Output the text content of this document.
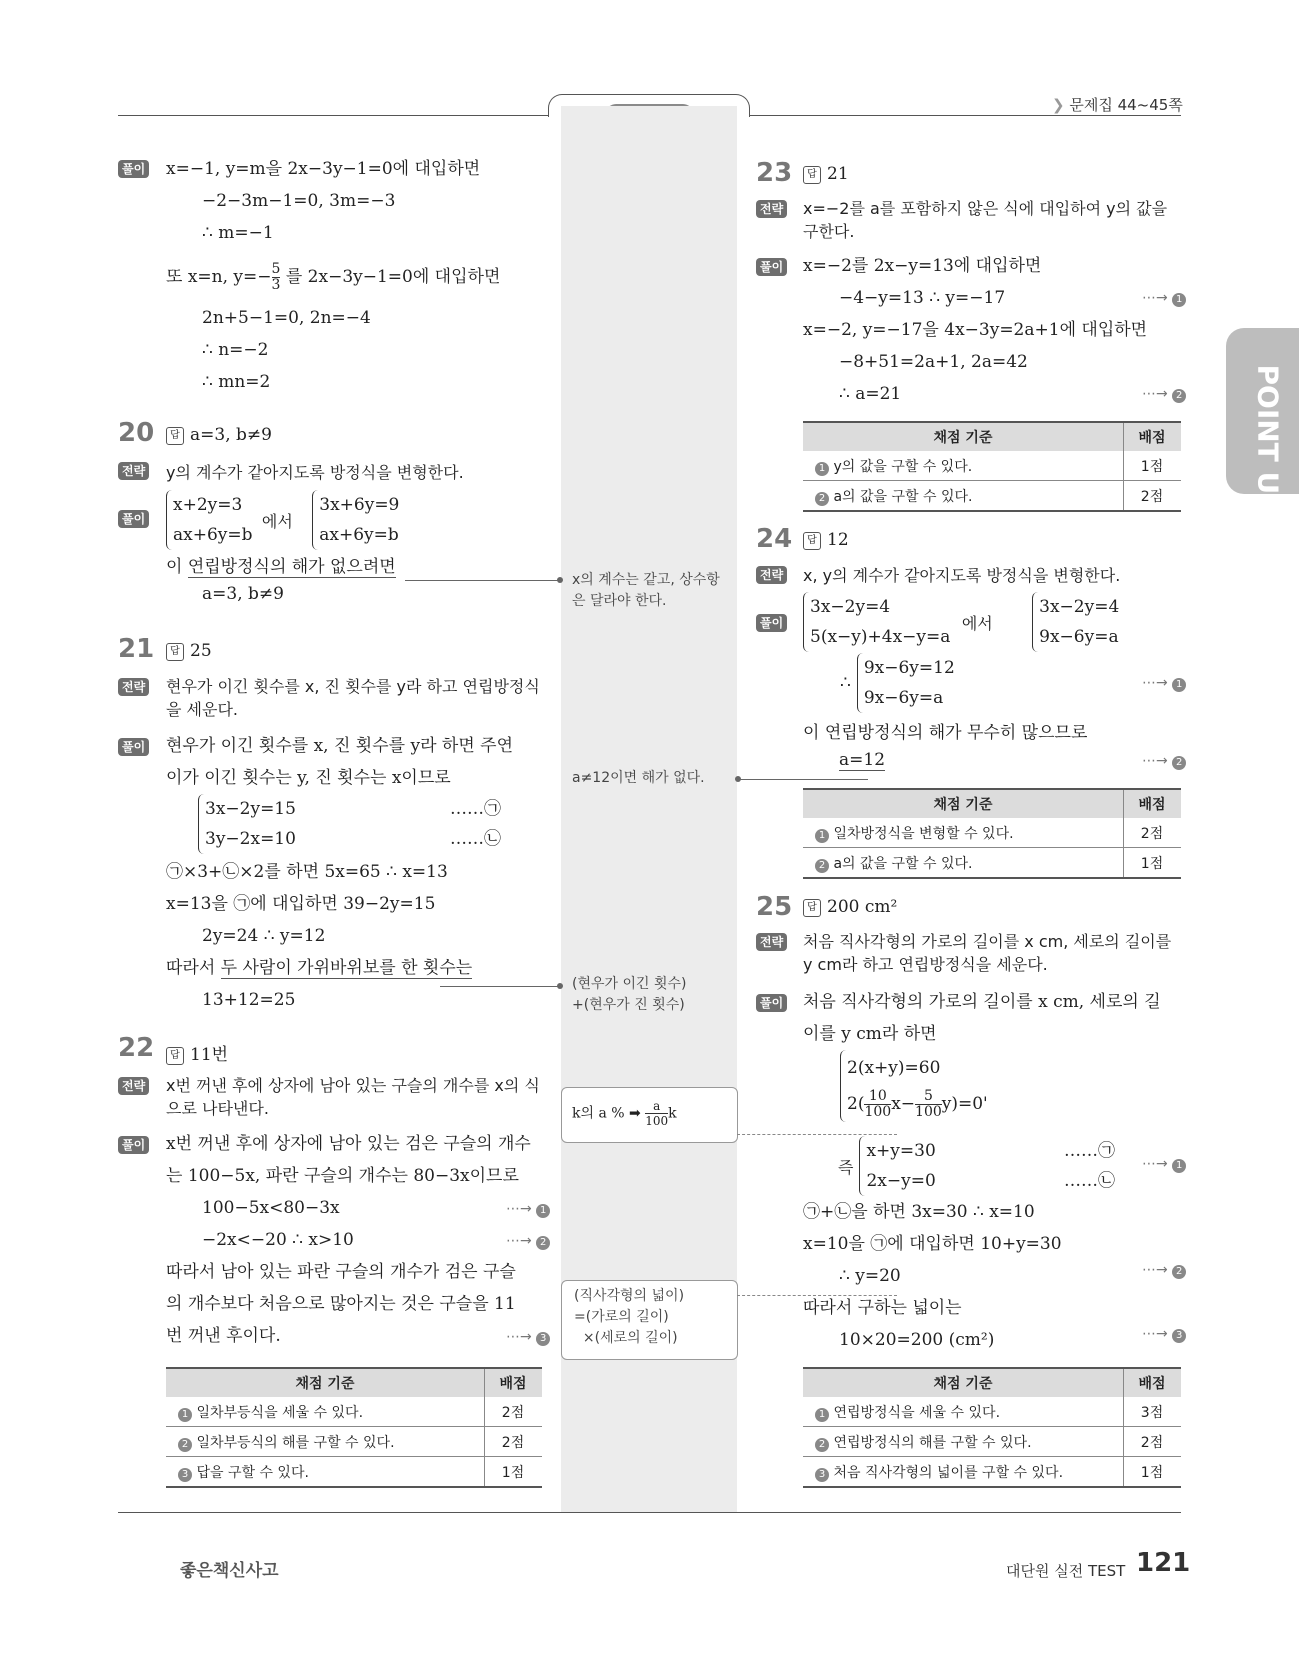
❯ 문제집 44~45쪽
POINT UP
풀이 x=−1, y=m을 2x−3y−1=0에 대입하면
−2−3m−1=0, 3m=−3
∴ m=−1
또 x=n, $y=- \frac{5}{3}$ 를 2x−3y−1=0에 대입하면
2n+5−1=0, 2n=−4
∴ n=−2
∴ mn=2
20	답 a=3, b≠9
전략 y의 계수가 같아지도록 방정식을 변형한다.
풀이
x+2y=3
ax+6y=b
에서
3x+6y=9
ax+6y=b
이 연립방정식의 해가 없으려면
a=3, b≠9
21	답 25
전략 현우가 이긴 횟수를 x, 진 횟수를 y라 하고 연립방정식을 세운다.
풀이 현우가 이긴 횟수를 x, 진 횟수를 y라 하면 주연
이가 이긴 횟수는 y, 진 횟수는 x이므로
3x−2y=15
3y−2x=10
……㉠
……㉡
㉠×3+㉡×2를 하면 5x=65 ∴ x=13
x=13을 ㉠에 대입하면 39−2y=15
2y=24 ∴ y=12
따라서 두 사람이 가위바위보를 한 횟수는
13+12=25
22	답 11번
전략 x번 꺼낸 후에 상자에 남아 있는 구슬의 개수를 x의 식으로 나타낸다.
풀이 x번 꺼낸 후에 상자에 남아 있는 검은 구슬의 개수
는 100−5x, 파란 구슬의 개수는 80−3x이므로
100−5x<80−3x
−2x<−20 ∴ x>10
따라서 남아 있는 파란 구슬의 개수가 검은 구슬
의 개수보다 처음으로 많아지는 것은 구슬을 11
번 꺼낸 후이다.
⋯→ 1
⋯→ 2
⋯→ 3
채점 기준	배점
1 일차부등식을 세울 수 있다.	2점
2 일차부등식의 해를 구할 수 있다.	2점
3 답을 구할 수 있다.	1점
x의 계수는 같고, 상수항은 달라야 한다.
a≠12이면 해가 없다.
(현우가 이긴 횟수)
+(현우가 진 횟수)
k의 a % ➡ $\frac{a}{100}$ k
(직사각형의 넓이)
=(가로의 길이)
×(세로의 길이)
23	답 21
전략 x=−2를 a를 포함하지 않은 식에 대입하여 y의 값을 구한다.
풀이 x=−2를 2x−y=13에 대입하면
−4−y=13 ∴ y=−17
x=−2, y=−17을 4x−3y=2a+1에 대입하면
−8+51=2a+1, 2a=42
∴ a=21
⋯→ 1
⋯→ 2
채점 기준	배점
1 y의 값을 구할 수 있다.	1점
2 a의 값을 구할 수 있다.	2점
24	답 12
전략 x, y의 계수가 같아지도록 방정식을 변형한다.
풀이
3x−2y=4
5(x−y)+4x−y=a
에서
3x−2y=4
9x−6y=a
∴
9x−6y=12
9x−6y=a
⋯→ 1
이 연립방정식의 해가 무수히 많으므로
a=12	⋯→ 2
채점 기준	배점
1 일차방정식을 변형할 수 있다.	2점
2 a의 값을 구할 수 있다.	1점
25	답 200 cm²
전략 처음 직사각형의 가로의 길이를 x cm, 세로의 길이를 y cm라 하고 연립방정식을 세운다.
풀이 처음 직사각형의 가로의 길이를 x cm, 세로의 길
이를 y cm라 하면
2(x+y)=60
$2( \frac{10}{100} x- \frac{5}{100} y)=0'$
즉
x+y=30
2x−y=0
……㉠
……㉡
⋯→ 1
㉠+㉡을 하면 3x=30 ∴ x=10
x=10을 ㉠에 대입하면 10+y=30
∴ y=20
따라서 구하는 넓이는
10×20=200 (cm²)
⋯→ 2
⋯→ 3
채점 기준	배점
1 연립방정식을 세울 수 있다.	3점
2 연립방정식의 해를 구할 수 있다.	2점
3 처음 직사각형의 넓이를 구할 수 있다.	1점
좋은책신사고	대단원 실전 TEST 121
